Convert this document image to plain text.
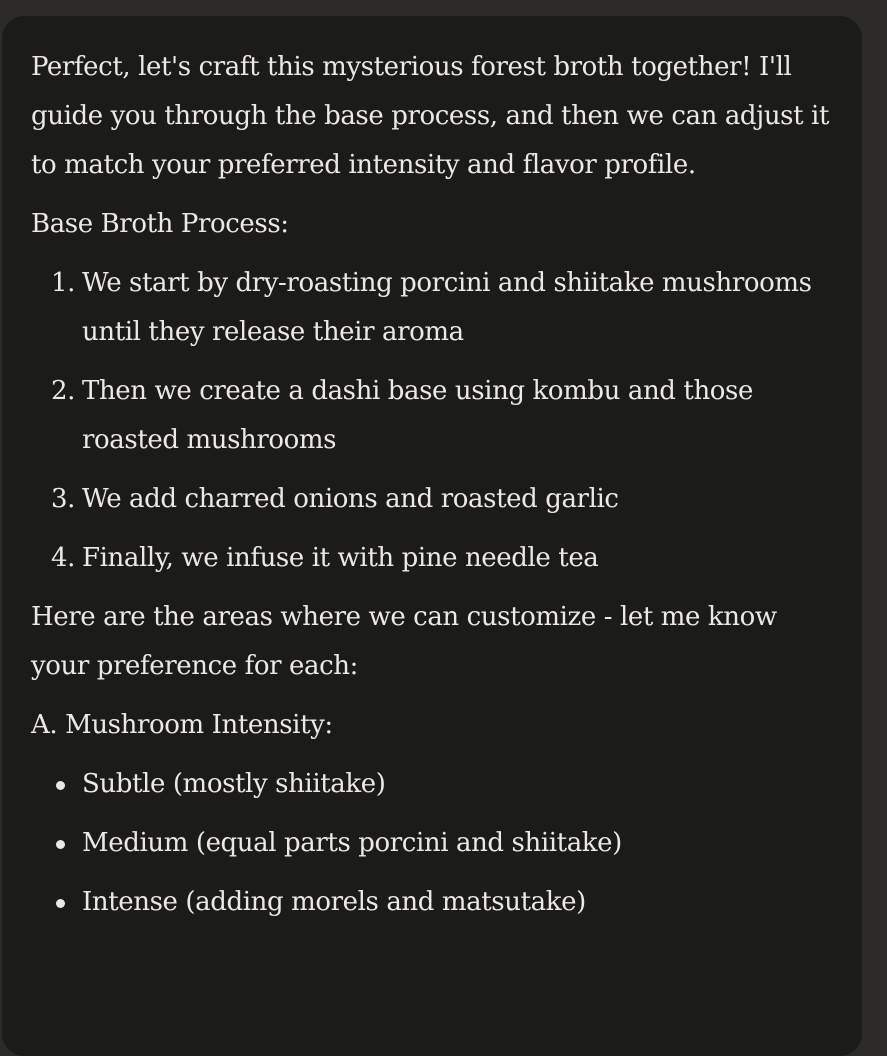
Perfect, let's craft this mysterious forest broth together! I'll guide you through the base process, and then we can adjust it to match your preferred intensity and flavor profile.

Base Broth Process:

1. We start by dry-roasting porcini and shiitake mushrooms until they release their aroma
2. Then we create a dashi base using kombu and those roasted mushrooms
3. We add charred onions and roasted garlic
4. Finally, we infuse it with pine needle tea

Here are the areas where we can customize - let me know your preference for each:

A. Mushroom Intensity:

Subtle (mostly shiitake)
Medium (equal parts porcini and shiitake)
Intense (adding morels and matsutake)
